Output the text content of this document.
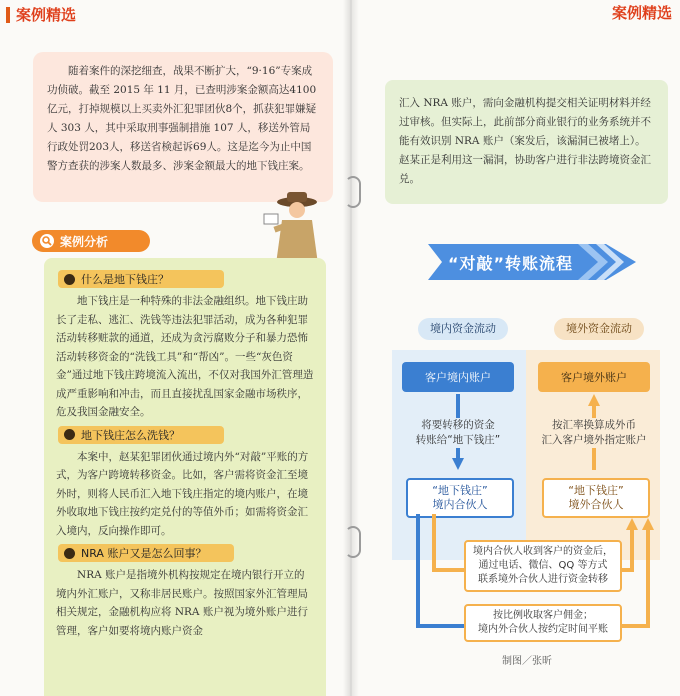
案例精选	案例精选
随着案件的深挖细查，战果不断扩大，“9·16”专案成功侦破。截至 2015 年 11 月，已查明涉案金额高达4100亿元，打掉规模以上买卖外汇犯罪团伙8个，抓获犯罪嫌疑人 303 人，其中采取刑事强制措施 107 人，移送外管局行政处罚203人，移送省検起诉69人。这是迄今为止中国警方查获的涉案人数最多、涉案金额最大的地下钱庄案。
案例分析
什么是地下钱庄？

地下钱庄是一种特殊的非法金融组织。地下钱庄助长了走私、逃汇、洗钱等违法犯罪活动，成为各种犯罪活动转移赃款的通道，还成为贪污腐败分子和暴力恐怖活动转移资金的“洗钱工具”和“帮凶”。一些“灰色资金”通过地下钱庄跨境流入流出，不仅对我国外汇管理造成严重影响和冲击，而且直接扰乱国家金融市场秩序，危及我国金融安全。

地下钱庄怎么洗钱？

本案中，赵某犯罪团伙通过境内外“对敲”平账的方式，为客户跨境转移资金。比如，客户需将资金汇至境外时，则将人民币汇入地下钱庄指定的境内账户，在境外收取地下钱庄按约定兑付的等值外币；如需将资金汇入境内，反向操作即可。

NRA 账户又是怎么回事？

NRA 账户是指境外机构按规定在境内银行开立的境内外汇账户，又称非居民账户。按照国家外汇管理局相关规定，金融机构应将 NRA 账户视为境外账户进行管理，客户如要将境内账户资金

汇入 NRA 账户，需向金融机构提交相关证明材料并经过审核。但实际上，此前部分商业银行的业务系统并不能有效识别 NRA 账户（案发后，该漏洞已被堵上）。赵某正是利用这一漏洞，协助客户进行非法跨境资金汇兑。
“对敲”转账流程
境内资金流动	境外资金流动
客户境内账户	客户境外账户
将要转移的资金
转账给“地下钱庄”
按汇率换算成外币
汇入客户境外指定账户
“地下钱庄”
境内合伙人
“地下钱庄”
境外合伙人
境内合伙人收到客户的资金后，
通过电话、微信、QQ 等方式
联系境外合伙人进行资金转移
按比例收取客户佣金；
境内外合伙人按约定时间平账
制图／张昕
